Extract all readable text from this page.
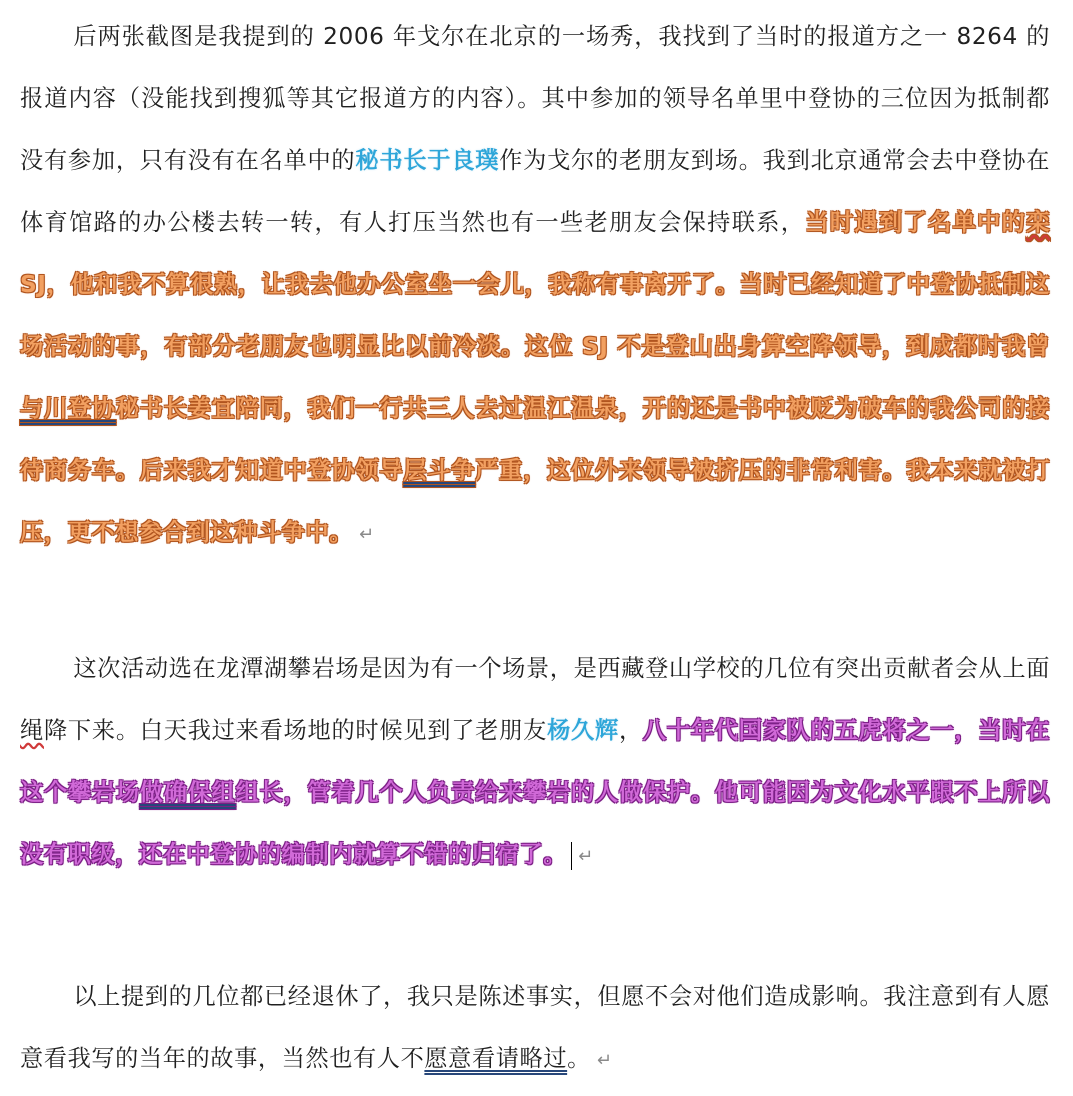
后两张截图是我提到的 2006 年戈尔在北京的一场秀，我找到了当时的报道方之一 8264 的报道内容（没能找到搜狐等其它报道方的内容）。其中参加的领导名单里中登协的三位因为抵制都没有参加，只有没有在名单中的秘书长于良璞作为戈尔的老朋友到场。我到北京通常会去中登协在体育馆路的办公楼去转一转，有人打压当然也有一些老朋友会保持联系，当时遇到了名单中的栾 SJ，他和我不算很熟，让我去他办公室坐一会儿，我称有事离开了。当时已经知道了中登协抵制这场活动的事，有部分老朋友也明显比以前冷淡。这位 SJ 不是登山出身算空降领导，到成都时我曾与川登协秘书长姜宜陪同，我们一行共三人去过温江温泉，开的还是书中被贬为破车的我公司的接待商务车。后来我才知道中登协领导层斗争严重，这位外来领导被挤压的非常利害。我本来就被打压，更不想参合到这种斗争中。 ↵

这次活动选在龙潭湖攀岩场是因为有一个场景，是西藏登山学校的几位有突出贡献者会从上面绳降下来。白天我过来看场地的时候见到了老朋友杨久辉，八十年代国家队的五虎将之一，当时在这个攀岩场做确保组组长，管着几个人负责给来攀岩的人做保护。他可能因为文化水平跟不上所以没有职级，还在中登协的编制内就算不错的归宿了。 ↵

以上提到的几位都已经退休了，我只是陈述事实，但愿不会对他们造成影响。我注意到有人愿意看我写的当年的故事，当然也有人不愿意看请略过。 ↵
